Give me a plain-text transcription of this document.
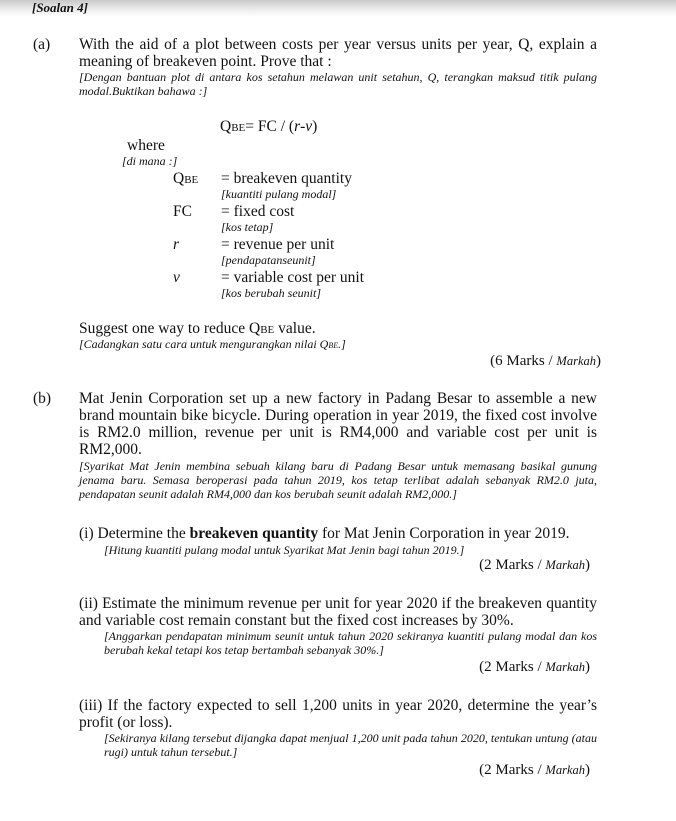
[Soalan 4]
(a) With the aid of a plot between costs per year versus units per year, Q, explain a meaning of breakeven point. Prove that :
[Dengan bantuan plot di antara kos setahun melawan unit setahun, Q, terangkan maksud titik pulang modal.Buktikan bahawa :]
QBE= FC / (r-v)
where
[di mana :]
QBE = breakeven quantity
[kuantiti pulang modal]
FC = fixed cost
[kos tetap]
r	= revenue per unit
[pendapatanseunit]
v	= variable cost per unit
[kos berubah seunit]
Suggest one way to reduce QBE value.
[Cadangkan satu cara untuk mengurangkan nilai QBE.]
(6 Marks / Markah)
(b) Mat Jenin Corporation set up a new factory in Padang Besar to assemble a new brand mountain bike bicycle. During operation in year 2019, the fixed cost involve is RM2.0 million, revenue per unit is RM4,000 and variable cost per unit is RM2,000.
[Syarikat Mat Jenin membina sebuah kilang baru di Padang Besar untuk memasang basikal gunung jenama baru. Semasa beroperasi pada tahun 2019, kos tetap terlibat adalah sebanyak RM2.0 juta, pendapatan seunit adalah RM4,000 dan kos berubah seunit adalah RM2,000.]
(i) Determine the breakeven quantity for Mat Jenin Corporation in year 2019.
[Hitung kuantiti pulang modal untuk Syarikat Mat Jenin bagi tahun 2019.]
(2 Marks / Markah)
(ii) Estimate the minimum revenue per unit for year 2020 if the breakeven quantity and variable cost remain constant but the fixed cost increases by 30%.
[Anggarkan pendapatan minimum seunit untuk tahun 2020 sekiranya kuantiti pulang modal dan kos berubah kekal tetapi kos tetap bertambah sebanyak 30%.]
(2 Marks / Markah)
(iii) If the factory expected to sell 1,200 units in year 2020, determine the year’s profit (or loss).
[Sekiranya kilang tersebut dijangka dapat menjual 1,200 unit pada tahun 2020, tentukan untung (atau rugi) untuk tahun tersebut.]
(2 Marks / Markah)
